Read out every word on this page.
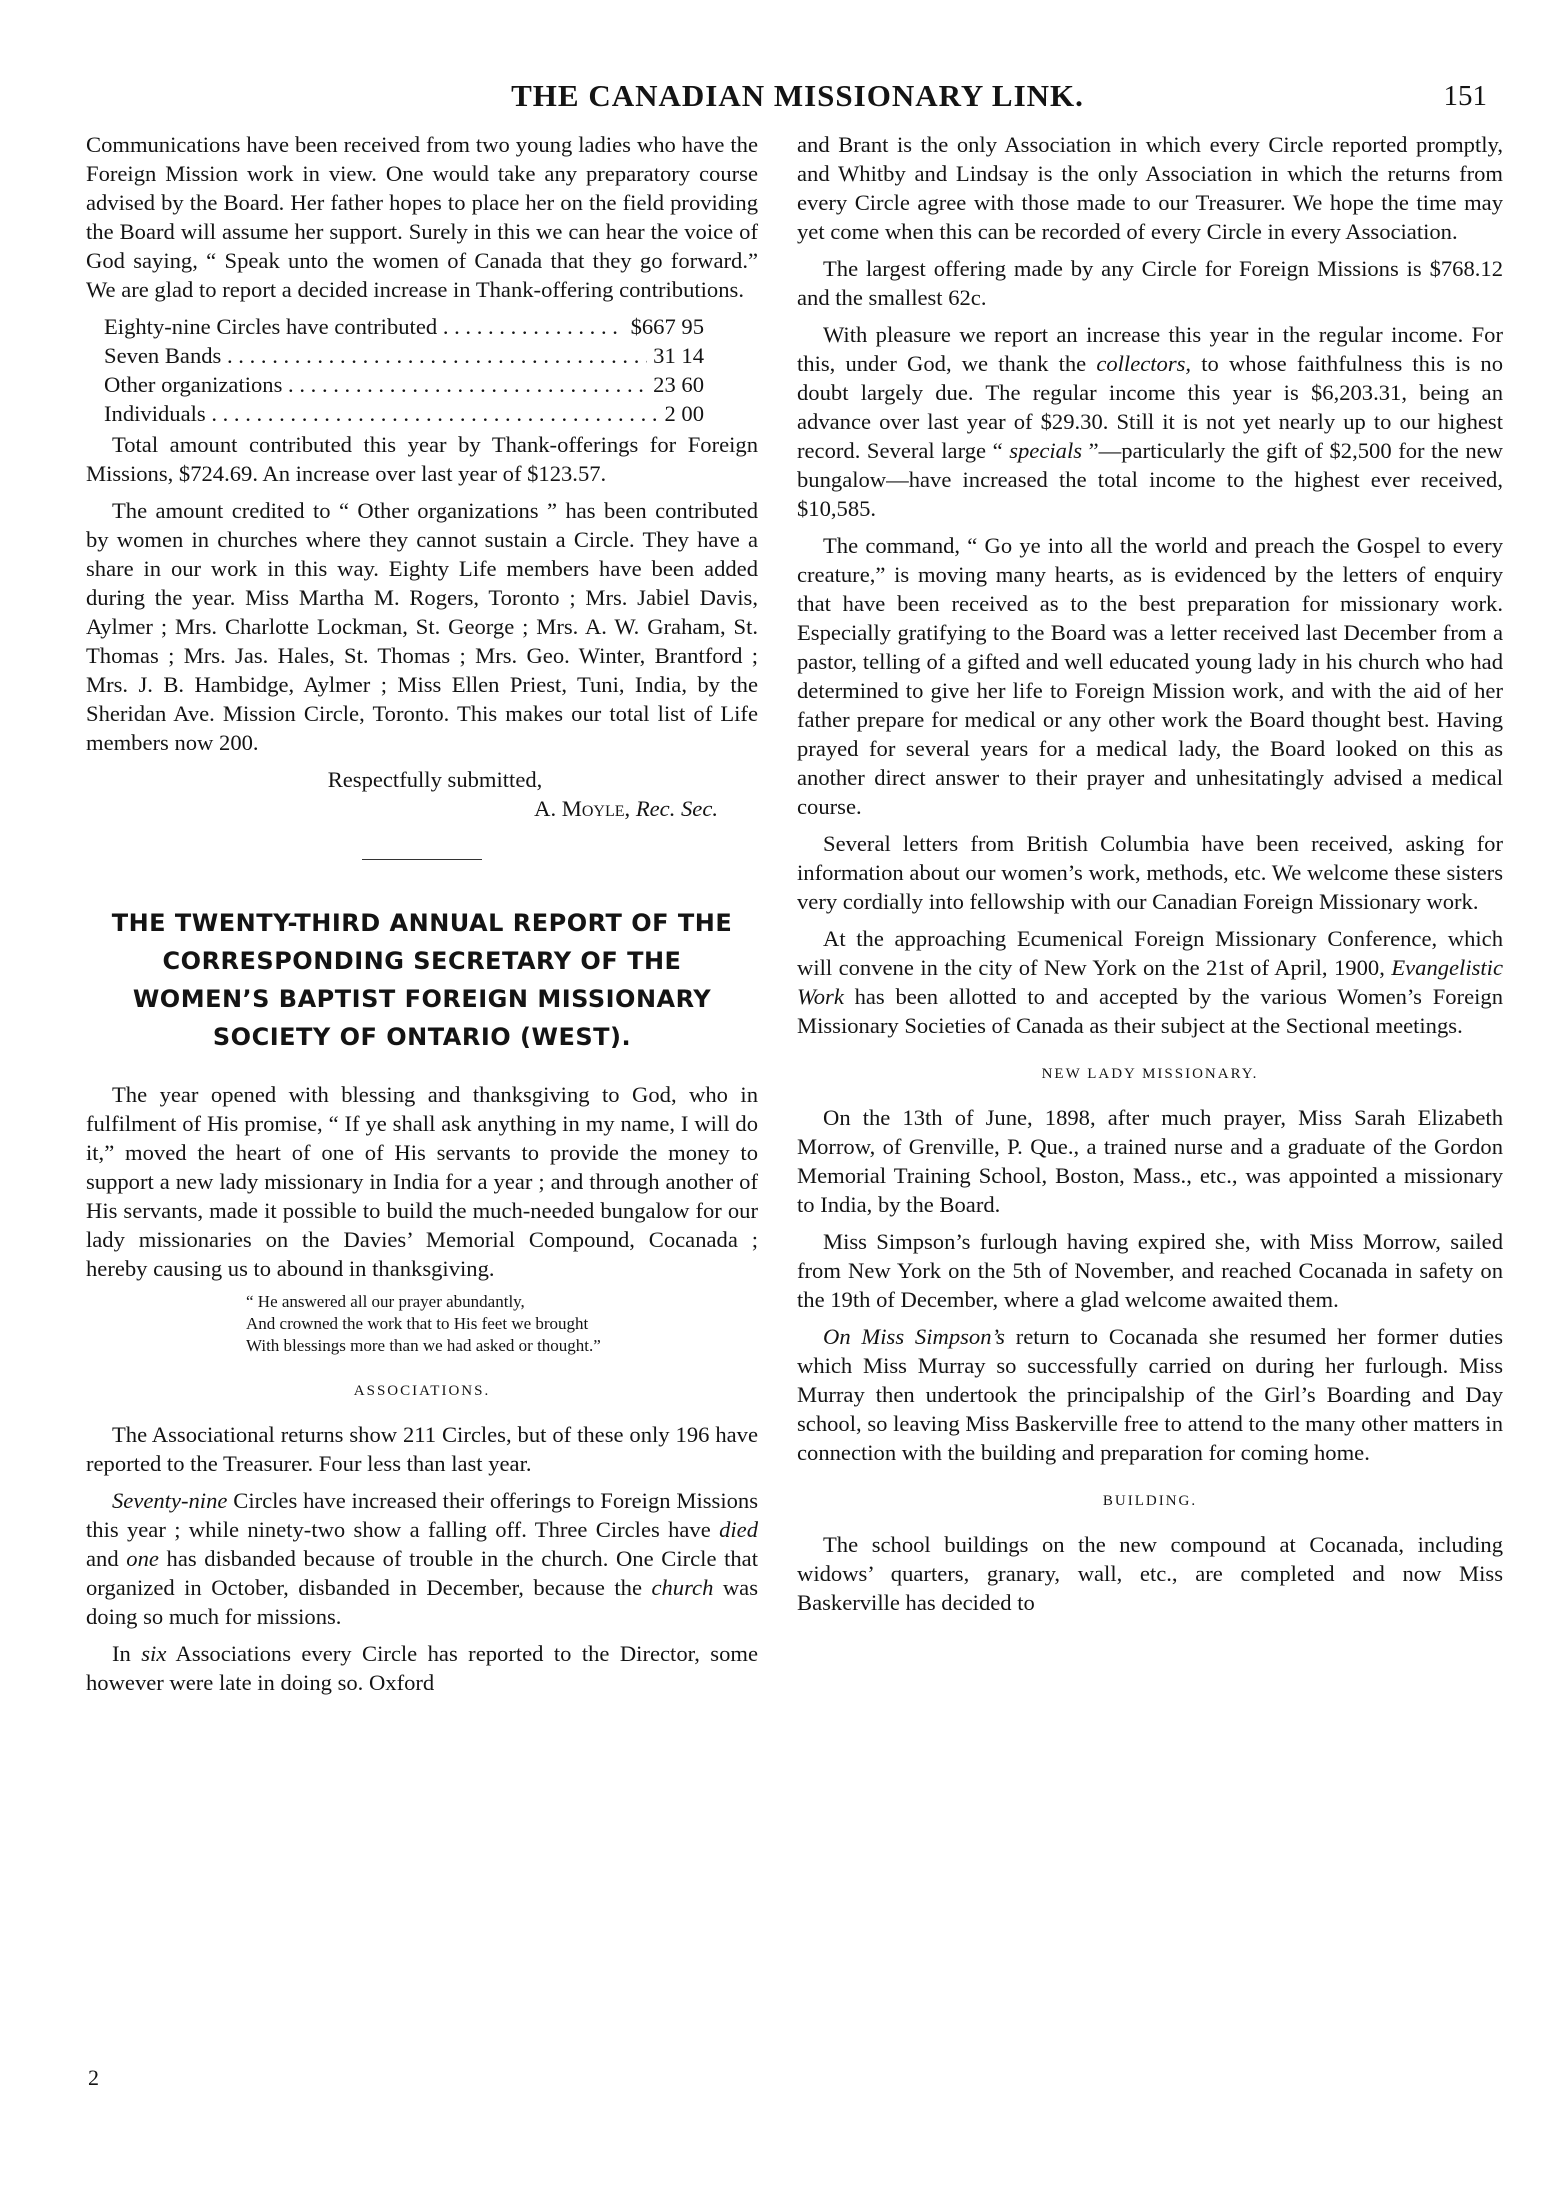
THE CANADIAN MISSIONARY LINK.	151

Communications have been received from two young ladies who have the Foreign Mission work in view. One would take any preparatory course advised by the Board. Her father hopes to place her on the field providing the Board will assume her support. Surely in this we can hear the voice of God saying, “ Speak unto the women of Canada that they go forward.” We are glad to report a decided increase in Thank-offering contributions.

Eighty-nine Circles have contributed . . .	$667 95
Seven Bands . . .	31 14
Other organizations . . .	23 60
Individuals . . .	2 00

Total amount contributed this year by Thank-offerings for Foreign Missions, $724.69. An increase over last year of $123.57.

The amount credited to “ Other organizations ” has been contributed by women in churches where they cannot sustain a Circle. They have a share in our work in this way. Eighty Life members have been added during the year. Miss Martha M. Rogers, Toronto ; Mrs. Jabiel Davis, Aylmer ; Mrs. Charlotte Lockman, St. George ; Mrs. A. W. Graham, St. Thomas ; Mrs. Jas. Hales, St. Thomas ; Mrs. Geo. Winter, Brantford ; Mrs. J. B. Hambidge, Aylmer ; Miss Ellen Priest, Tuni, India, by the Sheridan Ave. Mission Circle, Toronto. This makes our total list of Life members now 200.

Respectfully submitted,

A. Moyle, Rec. Sec.

THE TWENTY-THIRD ANNUAL REPORT OF THE CORRESPONDING SECRETARY OF THE WOMEN’S BAPTIST FOREIGN MISSIONARY SOCIETY OF ONTARIO (WEST).

The year opened with blessing and thanksgiving to God, who in fulfilment of His promise, “ If ye shall ask anything in my name, I will do it,” moved the heart of one of His servants to provide the money to support a new lady missionary in India for a year ; and through another of His servants, made it possible to build the much-needed bungalow for our lady missionaries on the Davies’ Memorial Compound, Cocanada ; hereby causing us to abound in thanksgiving.

“ He answered all our prayer abundantly,
And crowned the work that to His feet we brought
With blessings more than we had asked or thought.”
ASSOCIATIONS.

The Associational returns show 211 Circles, but of these only 196 have reported to the Treasurer. Four less than last year.

Seventy-nine Circles have increased their offerings to Foreign Missions this year ; while ninety-two show a falling off. Three Circles have died and one has disbanded because of trouble in the church. One Circle that organized in October, disbanded in December, because the church was doing so much for missions.

In six Associations every Circle has reported to the Director, some however were late in doing so. Oxford

2

and Brant is the only Association in which every Circle reported promptly, and Whitby and Lindsay is the only Association in which the returns from every Circle agree with those made to our Treasurer. We hope the time may yet come when this can be recorded of every Circle in every Association.

The largest offering made by any Circle for Foreign Missions is $768.12 and the smallest 62c.

With pleasure we report an increase this year in the regular income. For this, under God, we thank the collectors, to whose faithfulness this is no doubt largely due. The regular income this year is $6,203.31, being an advance over last year of $29.30. Still it is not yet nearly up to our highest record. Several large “ specials ”—particularly the gift of $2,500 for the new bungalow—have increased the total income to the highest ever received, $10,585.

The command, “ Go ye into all the world and preach the Gospel to every creature,” is moving many hearts, as is evidenced by the letters of enquiry that have been received as to the best preparation for missionary work. Especially gratifying to the Board was a letter received last December from a pastor, telling of a gifted and well educated young lady in his church who had determined to give her life to Foreign Mission work, and with the aid of her father prepare for medical or any other work the Board thought best. Having prayed for several years for a medical lady, the Board looked on this as another direct answer to their prayer and unhesitatingly advised a medical course.

Several letters from British Columbia have been received, asking for information about our women’s work, methods, etc. We welcome these sisters very cordially into fellowship with our Canadian Foreign Missionary work.

At the approaching Ecumenical Foreign Missionary Conference, which will convene in the city of New York on the 21st of April, 1900, Evangelistic Work has been allotted to and accepted by the various Women’s Foreign Missionary Societies of Canada as their subject at the Sectional meetings.

NEW LADY MISSIONARY.

On the 13th of June, 1898, after much prayer, Miss Sarah Elizabeth Morrow, of Grenville, P. Que., a trained nurse and a graduate of the Gordon Memorial Training School, Boston, Mass., etc., was appointed a missionary to India, by the Board.

Miss Simpson’s furlough having expired she, with Miss Morrow, sailed from New York on the 5th of November, and reached Cocanada in safety on the 19th of December, where a glad welcome awaited them.

On Miss Simpson’s return to Cocanada she resumed her former duties which Miss Murray so successfully carried on during her furlough. Miss Murray then undertook the principalship of the Girl’s Boarding and Day school, so leaving Miss Baskerville free to attend to the many other matters in connection with the building and preparation for coming home.

BUILDING.

The school buildings on the new compound at Cocanada, including widows’ quarters, granary, wall, etc., are completed and now Miss Baskerville has decided to
